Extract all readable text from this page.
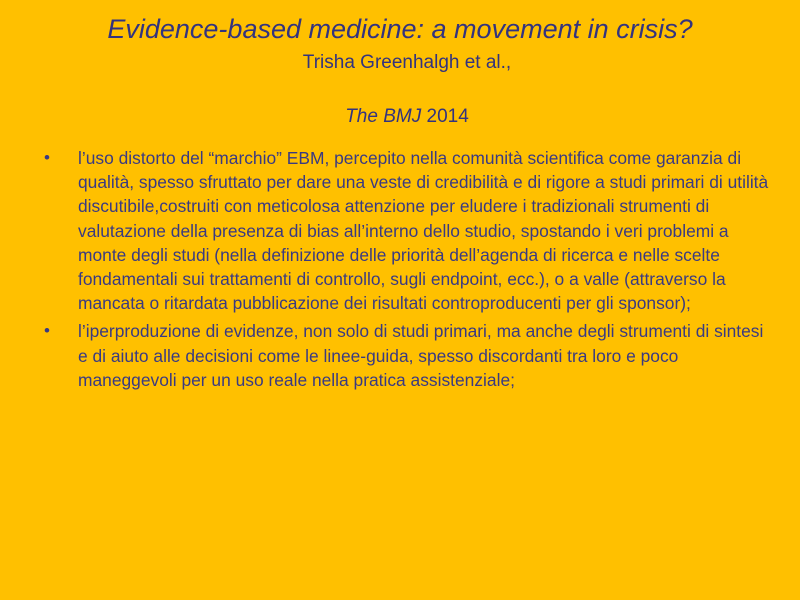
Evidence-based medicine: a movement in crisis?
Trisha Greenhalgh et al.,
The BMJ 2014
• l’uso distorto del “marchio” EBM, percepito nella comunità scientifica come garanzia di qualità, spesso sfruttato per dare una veste di credibilità e di rigore a studi primari di utilità discutibile,costruiti con meticolosa attenzione per eludere i tradizionali strumenti di valutazione della presenza di bias all’interno dello studio, spostando i veri problemi a monte degli studi (nella definizione delle priorità dell’agenda di ricerca e nelle scelte fondamentali sui trattamenti di controllo, sugli endpoint, ecc.), o a valle (attraverso la mancata o ritardata pubblicazione dei risultati controproducenti per gli sponsor);
• l’iperproduzione di evidenze, non solo di studi primari, ma anche degli strumenti di sintesi e di aiuto alle decisioni come le linee-guida, spesso discordanti tra loro e poco maneggevoli per un uso reale nella pratica assistenziale;
